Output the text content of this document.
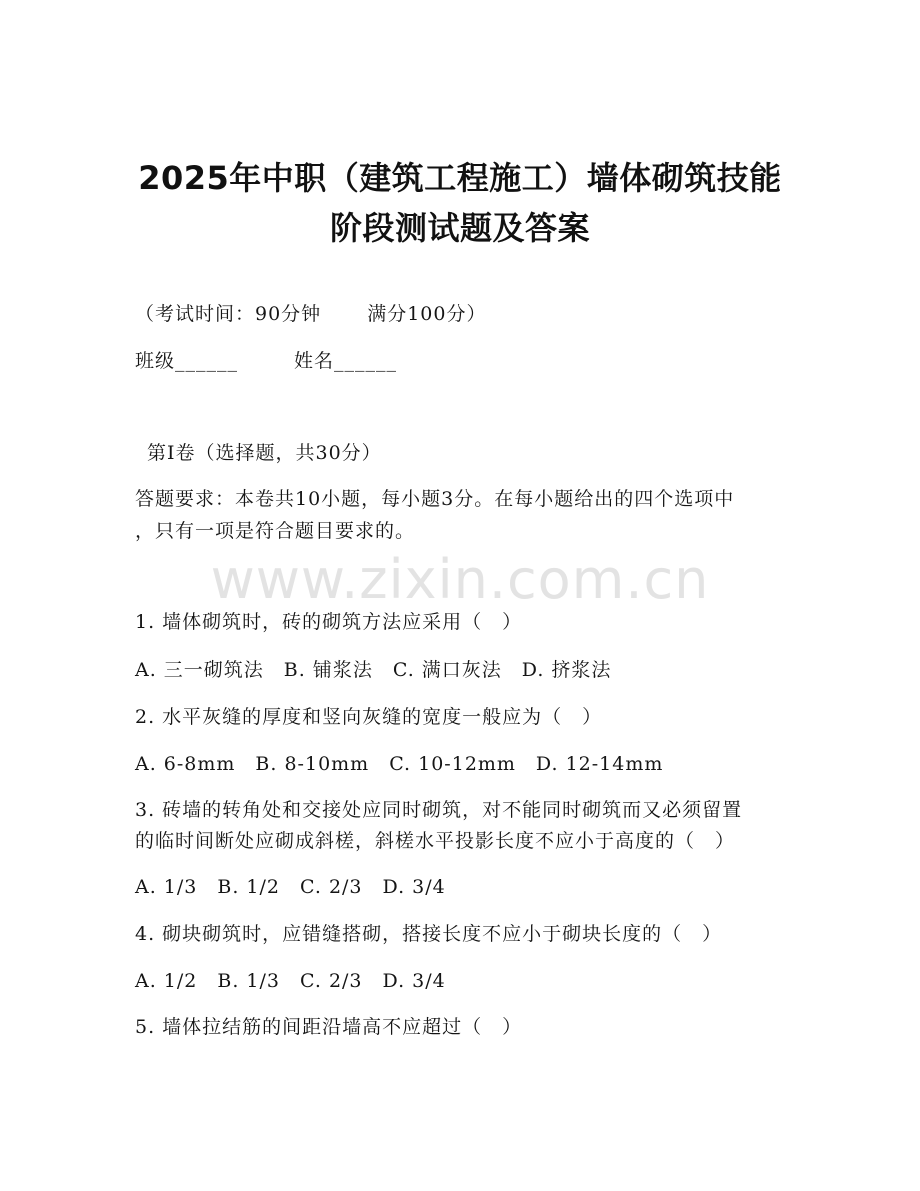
2025年中职（建筑工程施工）墙体砌筑技能
阶段测试题及答案
（考试时间：90分钟 满分100分）
班级______	姓名______
第I卷（选择题，共30分）
答题要求：本卷共10小题，每小题3分。在每小题给出的四个选项中
，只有一项是符合题目要求的。
www.zixin.com.cn
1. 墙体砌筑时，砖的砌筑方法应采用（　）
A. 三一砌筑法　B. 铺浆法　C. 满口灰法　D. 挤浆法
2. 水平灰缝的厚度和竖向灰缝的宽度一般应为（　）
A. 6-8mm　B. 8-10mm　C. 10-12mm　D. 12-14mm
3. 砖墙的转角处和交接处应同时砌筑，对不能同时砌筑而又必须留置
的临时间断处应砌成斜槎，斜槎水平投影长度不应小于高度的（　）
A. 1/3　B. 1/2　C. 2/3　D. 3/4
4. 砌块砌筑时，应错缝搭砌，搭接长度不应小于砌块长度的（　）
A. 1/2　B. 1/3　C. 2/3　D. 3/4
5. 墙体拉结筋的间距沿墙高不应超过（　）
